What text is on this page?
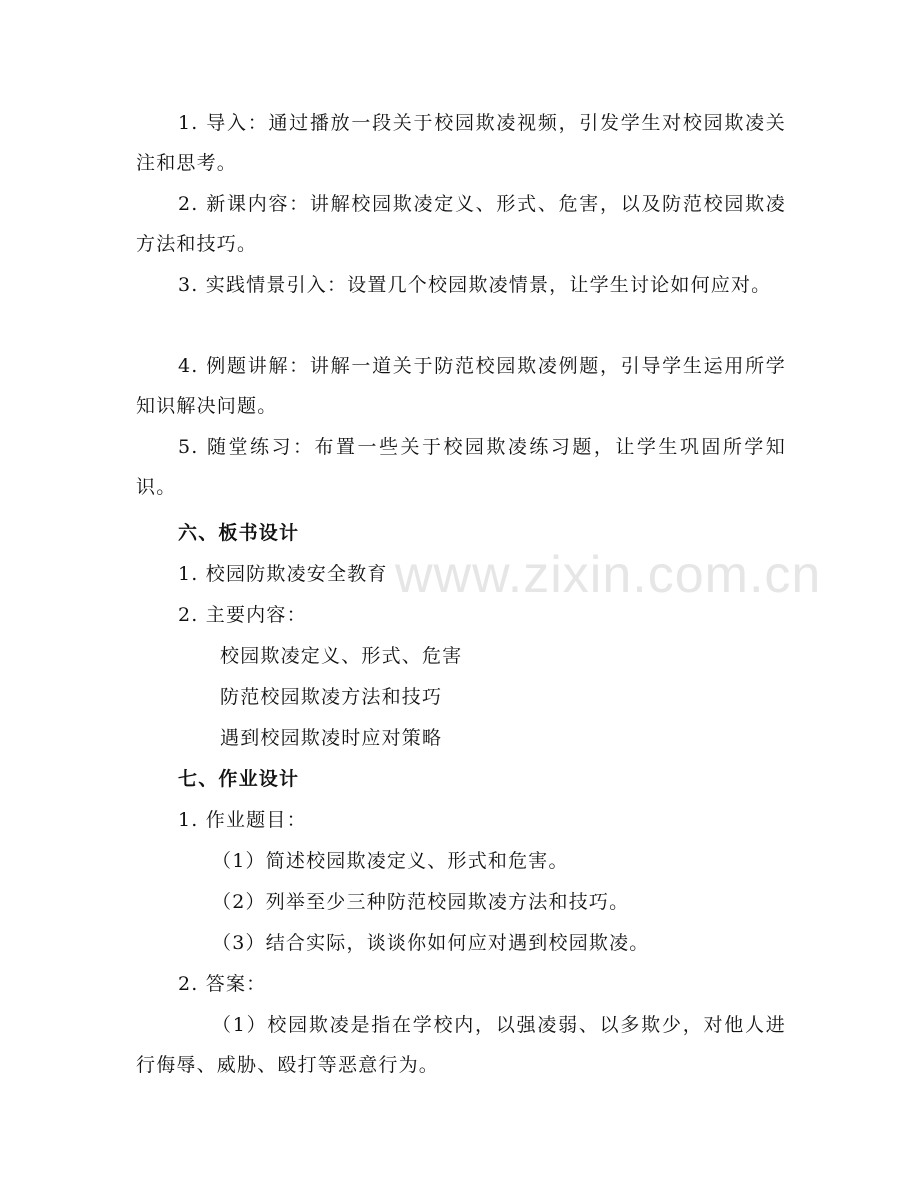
www.zixin.com.cn

1. 导入：通过播放一段关于校园欺凌视频，引发学生对校园欺凌关注和思考。

2. 新课内容：讲解校园欺凌定义、形式、危害，以及防范校园欺凌方法和技巧。

3. 实践情景引入：设置几个校园欺凌情景，让学生讨论如何应对。

4. 例题讲解：讲解一道关于防范校园欺凌例题，引导学生运用所学知识解决问题。

5. 随堂练习：布置一些关于校园欺凌练习题，让学生巩固所学知识。

六、板书设计

1. 校园防欺凌安全教育

2. 主要内容：

校园欺凌定义、形式、危害

防范校园欺凌方法和技巧

遇到校园欺凌时应对策略

七、作业设计

1. 作业题目：

（1）简述校园欺凌定义、形式和危害。

（2）列举至少三种防范校园欺凌方法和技巧。

（3）结合实际，谈谈你如何应对遇到校园欺凌。

2. 答案：

（1）校园欺凌是指在学校内，以强凌弱、以多欺少，对他人进行侮辱、威胁、殴打等恶意行为。
